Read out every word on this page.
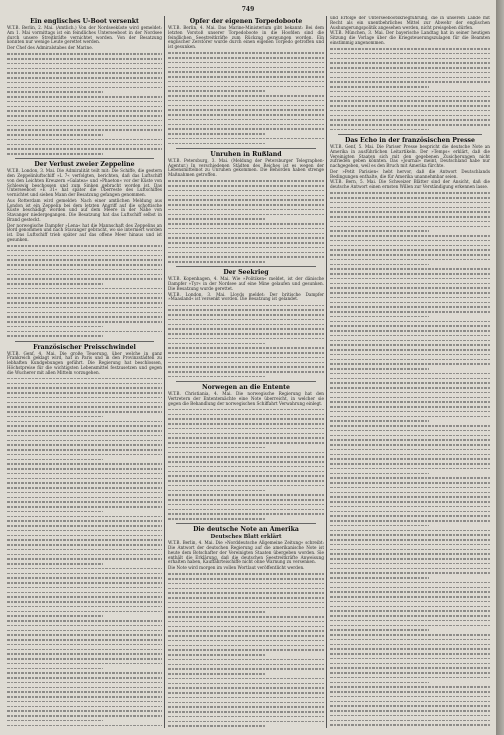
749
Ein englisches U-Boot versenkt

W.T.B. Berlin, 2. Mai. (Amtlich.) Von der Nordseeküste wird gemeldet: Am 1. Mai vormittags ist ein feindliches Unterseeboot in der Nordsee durch unsere Streitkräfte vernichtet worden. Von der Besatzung konnten nur wenige Leute gerettet werden.

Der Chef des Admiralstabes der Marine.

Der Verlust zweier Zeppeline

W.T.B. London, 3. Mai. Die Admiralität teilt mit: Die Schiffe, die gestern den Zeppelinluftschiff »L 7« verfolgten, berichten, daß das Luftschiff von den Leichten Kreuzern »Galatea« und »Phaeton« vor der Küste von Schleswig beschossen und zum Sinken gebracht worden ist. Das Unterseeboot »E 31« hat später die Überreste des Luftschiffes vernichtet und sieben Mann der Besatzung gefangen genommen.

Aus Rotterdam wird gemeldet: Nach einer amtlichen Meldung aus London ist ein Zeppelin bei dem letzten Angriff auf die schottische Küste beschädigt worden und auf dem Meere in der Nähe von Stavanger niedergegangen. Die Besatzung hat das Luftschiff selbst in Brand gesteckt.

Der norwegische Dampfer »Lena« hat die Mannschaft des Zeppelins an Bord genommen und nach Stavanger gebracht, wo sie interniert worden ist. Das Luftschiff trieb später auf das offene Meer hinaus und ist gesunken.

Französischer Preisschwindel

W.T.B. Genf, 4. Mai. Die große Teuerung, über welche in ganz Frankreich geklagt wird, hat in Paris und in den Provinzstädten zu lebhaften Kundgebungen geführt. Die Regierung hat beschlossen, Höchstpreise für die wichtigsten Lebensmittel festzusetzen und gegen die Wucherer mit allen Mitteln vorzugehen.

Opfer der eigenen Torpedoboote

W.T.B. Berlin, 4. Mai. Das Marine-Ministerium gibt bekannt: Bei dem letzten Vorstoß unserer Torpedoboote in die Hoofden sind die feindlichen Seestreitkräfte zum Rückzug gezwungen worden. Ein englischer Zerstörer wurde durch einen eigenen Torpedo getroffen und ist gesunken.

Unruhen in Rußland

W.T.B. Petersburg, 3. Mai. (Meldung der Petersburger Telegraphen-Agentur.) In verschiedenen Städten des Reiches ist es wegen der Lebensmittelnot zu Unruhen gekommen. Die Behörden haben strenge Maßnahmen getroffen.

Der Seekrieg

W.T.B. Kopenhagen, 4. Mai. Wie »Politiken« meldet, ist der dänische Dampfer »Tyr« in der Nordsee auf eine Mine gelaufen und gesunken. Die Besatzung wurde gerettet.

W.T.B. London, 3. Mai. Lloyds meldet: Der britische Dampfer »Maasland« ist versenkt worden. Die Besatzung ist gelandet.

Norwegen an die Entente

W.T.B. Christiania, 4. Mai. Die norwegische Regierung hat den Vertretern der Ententemächte eine Note überreicht, in welcher sie gegen die Behandlung der norwegischen Schiffahrt Verwahrung einlegt.

Die deutsche Note an Amerika
Deutsches Blatt erklärt

W.T.B. Berlin, 4. Mai. Die »Norddeutsche Allgemeine Zeitung« schreibt: Die Antwort der deutschen Regierung auf die amerikanische Note ist heute dem Botschafter der Vereinigten Staaten übergeben worden. Sie enthält die Erklärung, daß die deutschen Seestreitkräfte Anweisung erhalten haben, Kauffahrteischiffe nicht ohne Warnung zu versenken.

Die Note wird morgen im vollen Wortlaut veröffentlicht werden.

und Erfolge der Unterseebootskriegführung, die in unserem Lande mit Recht als ein unentbehrliches Mittel zur Abwehr der englischen Aushungerungspolitik angesehen werden, nicht preisgeben dürfen.

W.T.B. München, 3. Mai. Der bayerische Landtag hat in seiner heutigen Sitzung die Vorlage über die Kriegsteuerungszulagen für die Beamten einstimmig angenommen.

Das Echo in der französischen Presse

W.T.B. Genf, 5. Mai. Die Pariser Presse bespricht die deutsche Note an Amerika in ausführlichen Leitartikeln. Der »Temps« erklärt, daß die Vereinigten Staaten sich mit den gegebenen Zusicherungen nicht zufrieden geben könnten. Das »Journal« meint, Deutschland habe nur nachgegeben, weil es den Bruch mit Amerika fürchte.

Der »Petit Parisien« hebt hervor, daß die Antwort Deutschlands Bedingungen enthalte, die für Amerika unannehmbar seien.

W.T.B. Bern, 5. Mai. Die Schweizer Blätter sind der Ansicht, daß die deutsche Antwort einen ernsten Willen zur Verständigung erkennen lasse.
